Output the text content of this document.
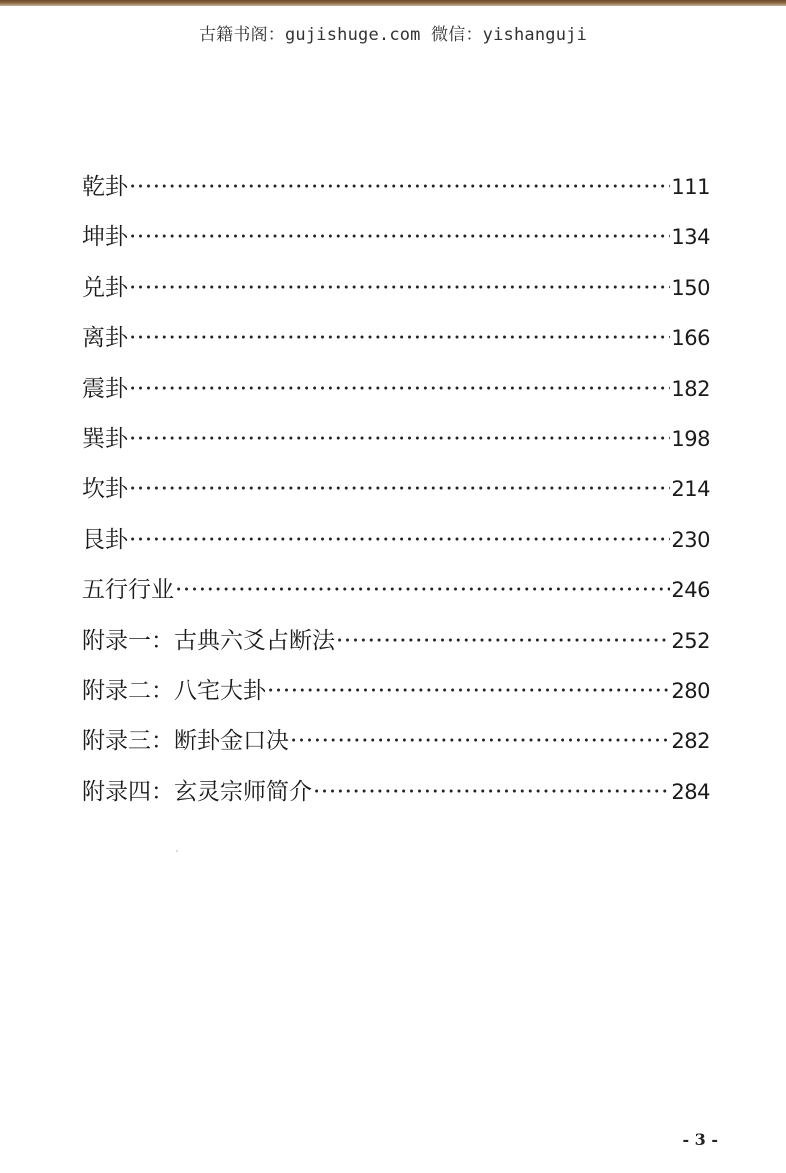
古籍书阁：gujishuge.com 微信：yishanguji
乾卦 ·····	111
坤卦 ·····	134
兑卦 ·····	150
离卦 ·····	166
震卦 ·····	182
巽卦 ·····	198
坎卦 ·····	214
艮卦 ·····	230
五行行业 ·····	246
附录一：古典六爻占断法 ·····	252
附录二：八宅大卦 ·····	280
附录三：断卦金口决 ·····	282
附录四：玄灵宗师简介 ·····	284
- 3 -
